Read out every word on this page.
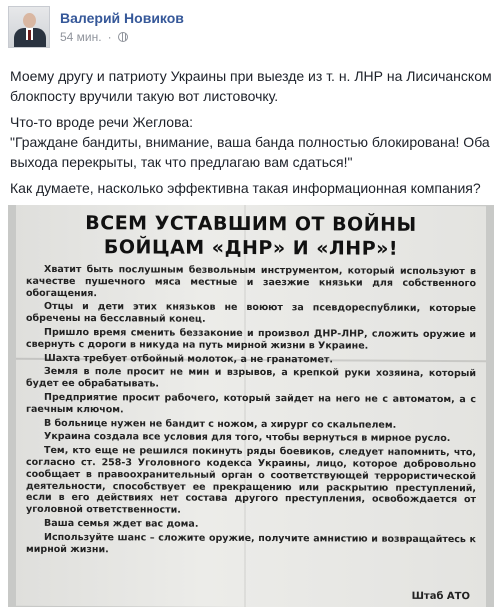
Валерий Новиков
54 мин. ·

Моему другу и патриоту Украины при выезде из т. н. ЛНР на Лисичанском блокпосту вручили такую вот листовочку.

Что-то вроде речи Жеглова:

"Граждане бандиты, внимание, ваша банда полностью блокирована! Оба выхода перекрыты, так что предлагаю вам сдаться!"

Как думаете, насколько эффективна такая информационная компания?

ВСЕМ УСТАВШИМ ОТ ВОЙНЫ
БОЙЦАМ «ДНР» И «ЛНР»!

Хватит быть послушным безвольным инструментом, который используют в качестве пушечного мяса местные и заезжие князьки для собственного обогащения.

Отцы и дети этих князьков не воюют за псевдореспублики, которые обречены на бесславный конец.

Пришло время сменить беззаконие и произвол ДНР-ЛНР, сложить оружие и свернуть с дороги в никуда на путь мирной жизни в Украине.

Шахта требует отбойный молоток, а не гранатомет.

Земля в поле просит не мин и взрывов, а крепкой руки хозяина, который будет ее обрабатывать.

Предприятие просит рабочего, который зайдет на него не с автоматом, а с гаечным ключом.

В больнице нужен не бандит с ножом, а хирург со скальпелем.

Украина создала все условия для того, чтобы вернуться в мирное русло.

Тем, кто еще не решился покинуть ряды боевиков, следует напомнить, что, согласно ст. 258-3 Уголовного кодекса Украины, лицо, которое добровольно сообщает в правоохранительный орган о соответствующей террористической деятельности, способствует ее прекращению или раскрытию преступлений, если в его действиях нет состава другого преступления, освобождается от уголовной ответственности.

Ваша семья ждет вас дома.

Используйте шанс – сложите оружие, получите амнистию и возвращайтесь к мирной жизни.

Штаб АТО
